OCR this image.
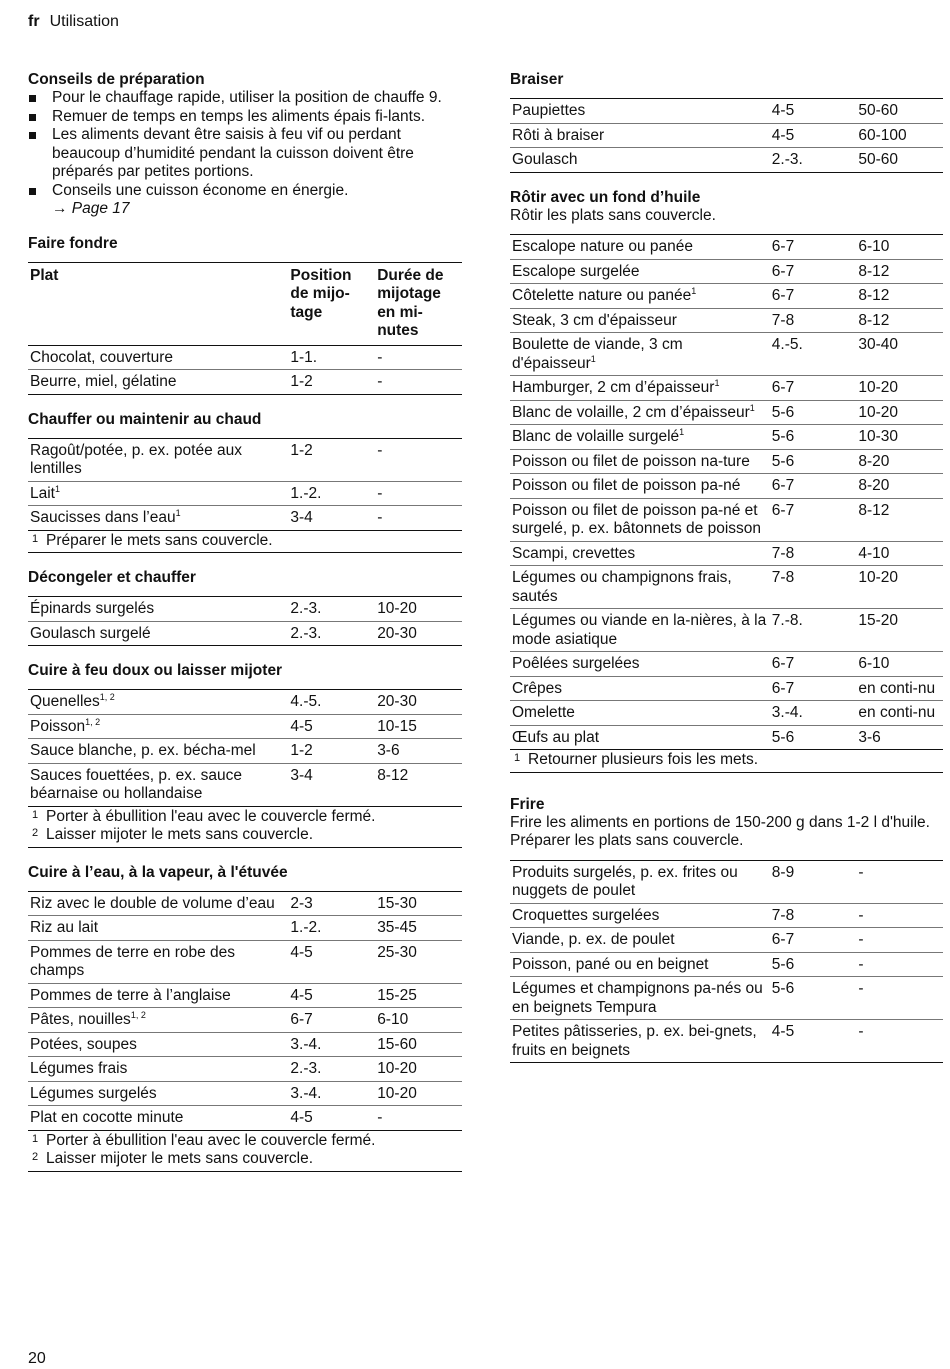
fr Utilisation
Conseils de préparation
Pour le chauffage rapide, utiliser la position de chauffe 9.
Remuer de temps en temps les aliments épais fi-lants.
Les aliments devant être saisis à feu vif ou perdant beaucoup d’humidité pendant la cuisson doivent être préparés par petites portions.
Conseils une cuisson économe en énergie.
→ Page 17
Faire fondre
Plat	Position de mijo-tage	Durée de mijotage en mi-nutes
Chocolat, couverture	1-1.	-
Beurre, miel, gélatine	1-2	-
Chauffer ou maintenir au chaud
Ragoût/potée, p. ex. potée aux lentilles	1-2	-
Lait$^1$	1.-2.	-
Saucisses dans l’eau$^1$	3-4	-
1 Préparer le mets sans couvercle.
Décongeler et chauffer
Épinards surgelés	2.-3.	10-20
Goulasch surgelé	2.-3.	20-30
Cuire à feu doux ou laisser mijoter
Quenelles$^{1, 2}$	4.-5.	20-30
Poisson$^{1, 2}$	4-5	10-15
Sauce blanche, p. ex. bécha-mel	1-2	3-6
Sauces fouettées, p. ex. sauce béarnaise ou hollandaise	3-4	8-12
1 Porter à ébullition l'eau avec le couvercle fermé.
2 Laisser mijoter le mets sans couvercle.
Cuire à l’eau, à la vapeur, à l'étuvée
Riz avec le double de volume d’eau	2-3	15-30
Riz au lait	1.-2.	35-45
Pommes de terre en robe des champs	4-5	25-30
Pommes de terre à l’anglaise	4-5	15-25
Pâtes, nouilles$^{1, 2}$	6-7	6-10
Potées, soupes	3.-4.	15-60
Légumes frais	2.-3.	10-20
Légumes surgelés	3.-4.	10-20
Plat en cocotte minute	4-5	-
1 Porter à ébullition l'eau avec le couvercle fermé.
2 Laisser mijoter le mets sans couvercle.
Braiser
Paupiettes	4-5	50-60
Rôti à braiser	4-5	60-100
Goulasch	2.-3.	50-60
Rôtir avec un fond d’huile
Rôtir les plats sans couvercle.
Escalope nature ou panée	6-7	6-10
Escalope surgelée	6-7	8-12
Côtelette nature ou panée$^1$	6-7	8-12
Steak, 3 cm d'épaisseur	7-8	8-12
Boulette de viande, 3 cm d'épaisseur$^1$	4.-5.	30-40
Hamburger, 2 cm d’épaisseur$^1$	6-7	10-20
Blanc de volaille, 2 cm d’épaisseur$^1$	5-6	10-20
Blanc de volaille surgelé$^1$	5-6	10-30
Poisson ou filet de poisson na-ture	5-6	8-20
Poisson ou filet de poisson pa-né	6-7	8-20
Poisson ou filet de poisson pa-né et surgelé, p. ex. bâtonnets de poisson	6-7	8-12
Scampi, crevettes	7-8	4-10
Légumes ou champignons frais, sautés	7-8	10-20
Légumes ou viande en la-nières, à la mode asiatique	7.-8.	15-20
Poêlées surgelées	6-7	6-10
Crêpes	6-7	en conti-nu
Omelette	3.-4.	en conti-nu
Œufs au plat	5-6	3-6
1 Retourner plusieurs fois les mets.
Frire
Frire les aliments en portions de 150-200 g dans 1-2 l d'huile. Préparer les plats sans couvercle.
Produits surgelés, p. ex. frites ou nuggets de poulet	8-9	-
Croquettes surgelées	7-8	-
Viande, p. ex. de poulet	6-7	-
Poisson, pané ou en beignet	5-6	-
Légumes et champignons pa-nés ou en beignets Tempura	5-6	-
Petites pâtisseries, p. ex. bei-gnets, fruits en beignets	4-5	-
20
